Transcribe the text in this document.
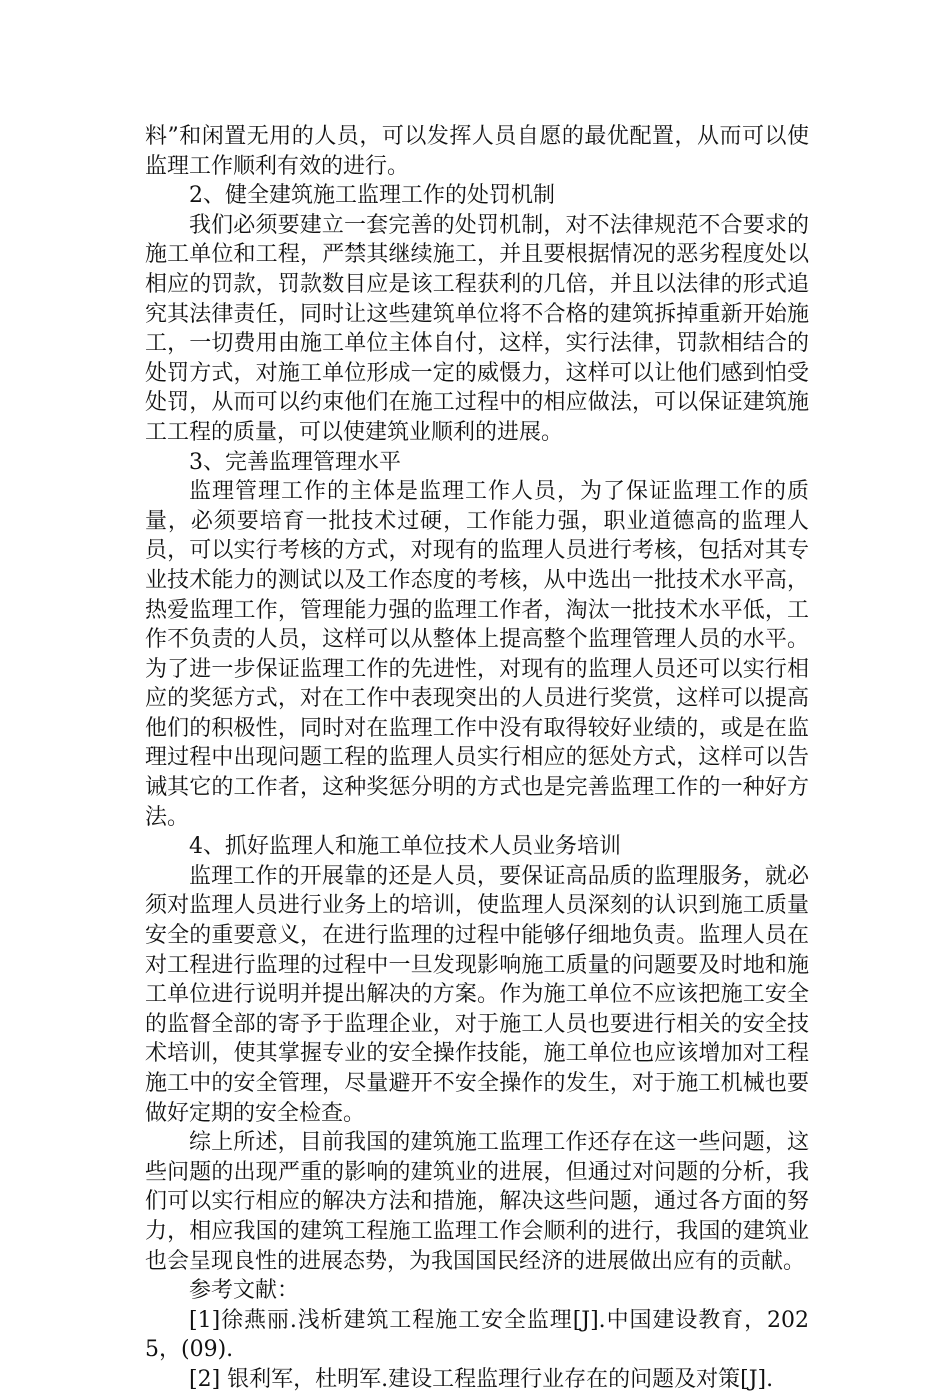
料”和闲置无用的人员，可以发挥人员自愿的最优配置，从而可以使监理工作顺利有效的进行。

2、健全建筑施工监理工作的处罚机制

我们必须要建立一套完善的处罚机制，对不法律规范不合要求的施工单位和工程，严禁其继续施工，并且要根据情况的恶劣程度处以相应的罚款，罚款数目应是该工程获利的几倍，并且以法律的形式追究其法律责任，同时让这些建筑单位将不合格的建筑拆掉重新开始施工，一切费用由施工单位主体自付，这样，实行法律，罚款相结合的处罚方式，对施工单位形成一定的威慑力，这样可以让他们感到怕受处罚，从而可以约束他们在施工过程中的相应做法，可以保证建筑施工工程的质量，可以使建筑业顺利的进展。

3、完善监理管理水平

监理管理工作的主体是监理工作人员，为了保证监理工作的质量，必须要培育一批技术过硬，工作能力强，职业道德高的监理人员，可以实行考核的方式，对现有的监理人员进行考核，包括对其专业技术能力的测试以及工作态度的考核，从中选出一批技术水平高，热爱监理工作，管理能力强的监理工作者，淘汰一批技术水平低，工作不负责的人员，这样可以从整体上提高整个监理管理人员的水平。为了进一步保证监理工作的先进性，对现有的监理人员还可以实行相应的奖惩方式，对在工作中表现突出的人员进行奖赏，这样可以提高他们的积极性，同时对在监理工作中没有取得较好业绩的，或是在监理过程中出现问题工程的监理人员实行相应的惩处方式，这样可以告诫其它的工作者，这种奖惩分明的方式也是完善监理工作的一种好方法。

4、抓好监理人和施工单位技术人员业务培训

监理工作的开展靠的还是人员，要保证高品质的监理服务，就必须对监理人员进行业务上的培训，使监理人员深刻的认识到施工质量安全的重要意义，在进行监理的过程中能够仔细地负责。监理人员在对工程进行监理的过程中一旦发现影响施工质量的问题要及时地和施工单位进行说明并提出解决的方案。作为施工单位不应该把施工安全的监督全部的寄予于监理企业，对于施工人员也要进行相关的安全技术培训，使其掌握专业的安全操作技能，施工单位也应该增加对工程施工中的安全管理，尽量避开不安全操作的发生，对于施工机械也要做好定期的安全检查。

综上所述，目前我国的建筑施工监理工作还存在这一些问题，这些问题的出现严重的影响的建筑业的进展，但通过对问题的分析，我们可以实行相应的解决方法和措施，解决这些问题，通过各方面的努力，相应我国的建筑工程施工监理工作会顺利的进行，我国的建筑业也会呈现良性的进展态势，为我国国民经济的进展做出应有的贡献。

参考文献：

[1]徐燕丽.浅析建筑工程施工安全监理[J].中国建设教育，2025，(09).

[2] 银利军，杜明军.建设工程监理行业存在的问题及对策[J].
